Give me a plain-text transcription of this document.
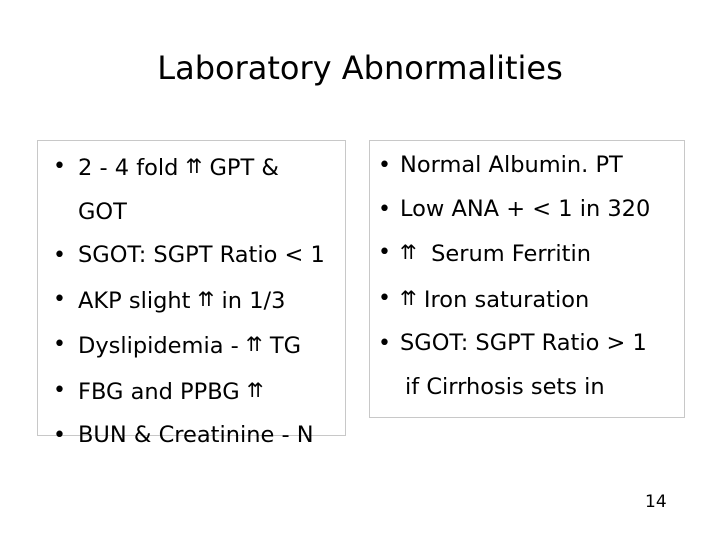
Laboratory Abnormalities
• 2 - 4 fold ⇈ GPT &
GOT
• SGOT: SGPT Ratio < 1
• AKP slight ⇈ in 1/3
• Dyslipidemia - ⇈ TG
• FBG and PPBG ⇈
• BUN & Creatinine - N
• Normal Albumin. PT
• Low ANA + < 1 in 320
• ⇈  Serum Ferritin
• ⇈ Iron saturation
• SGOT: SGPT Ratio > 1
if Cirrhosis sets in
14
